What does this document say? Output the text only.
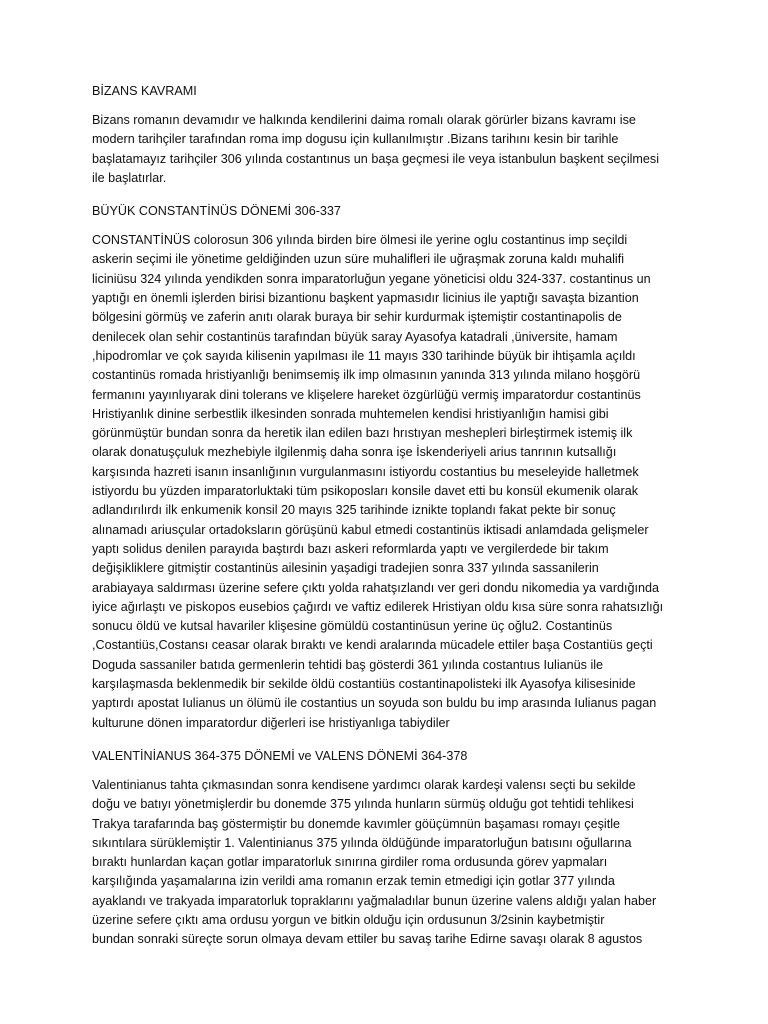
BİZANS KAVRAMI
Bizans romanın devamıdır ve halkında kendilerini daima romalı olarak görürler bizans kavramı ise
modern tarihçiler tarafından roma imp dogusu için kullanılmıştır .Bizans tarihını kesin bir tarihle
başlatamayız tarihçiler 306 yılında costantınus un başa geçmesi ile veya istanbulun başkent seçilmesi
ile başlatırlar.
BÜYÜK CONSTANTİNÜS DÖNEMİ 306-337
CONSTANTİNÜS colorosun 306 yılında birden bire ölmesi ile yerine oglu costantinus imp seçildi
askerin seçimi ile yönetime geldiğinden uzun süre muhalifleri ile uğraşmak zoruna kaldı muhalifi
liciniüsu 324 yılında yendikden sonra imparatorluğun yegane yöneticisi oldu 324-337. costantinus un
yaptığı en önemli işlerden birisi bizantionu başkent yapmasıdır licinius ile yaptığı savaşta bizantion
bölgesini görmüş ve zaferin anıtı olarak buraya bir sehir kurdurmak iştemiştir costantinapolis de
denilecek olan sehir costantinüs tarafından büyük saray Ayasofya katadrali ,üniversite, hamam
,hipodromlar ve çok sayıda kilisenin yapılması ile 11 mayıs 330 tarihinde büyük bir ihtişamla açıldı
costantinüs romada hristiyanlığı benimsemiş ilk imp olmasının yanında 313 yılında milano hoşgörü
fermanını yayınlıyarak dini tolerans ve klişelere hareket özgürlüğü vermiş imparatordur costantinüs
Hristiyanlık dinine serbestlik ilkesinden sonrada muhtemelen kendisi hristiyanlığın hamisi gibi
görünmüştür bundan sonra da heretik ilan edilen bazı hrıstıyan meshepleri birleştirmek istemiş ilk
olarak donatuşçuluk mezhebiyle ilgilenmiş daha sonra işe İskenderiyeli arius tanrının kutsallığı
karşısında hazreti isanın insanlığının vurgulanmasını istiyordu costantius bu meseleyide halletmek
istiyordu bu yüzden imparatorluktaki tüm psikoposları konsile davet etti bu konsül ekumenik olarak
adlandırılırdı ilk enkumenik konsil 20 mayıs 325 tarihinde iznikte toplandı fakat pekte bir sonuç
alınamadı ariusçular ortadoksların görüşünü kabul etmedi costantinüs iktisadi anlamdada gelişmeler
yaptı solidus denilen parayıda baştırdı bazı askeri reformlarda yaptı ve vergilerdede bir takım
değişikliklere gitmiştir costantinüs ailesinin yaşadigi tradejien sonra 337 yılında sassanilerin
arabiayaya saldırması üzerine sefere çıktı yolda rahatşızlandı ver geri dondu nikomedia ya vardığında
iyice ağırlaştı ve piskopos eusebios çağırdı ve vaftiz edilerek Hristiyan oldu kısa süre sonra rahatsızlığı
sonucu öldü ve kutsal havariler klişesine gömüldü costantinüsun yerine üç oğlu2. Costantinüs
,Costantiüs,Costansı ceasar olarak bıraktı ve kendi aralarında mücadele ettiler başa Costantiüs geçti
Doguda sassaniler batıda germenlerin tehtidi baş gösterdi 361 yılında costantıus Iulianüs ile
karşılaşmasda beklenmedik bir sekilde öldü costantiüs costantinapolisteki ilk Ayasofya kilisesinide
yaptırdı apostat Iulianus un ölümü ile costantius un soyuda son buldu bu imp arasında Iulianus pagan
kulturune dönen imparatordur diğerleri ise hristiyanlıga tabiydiler
VALENTİNİANUS 364-375 DÖNEMİ ve VALENS DÖNEMİ 364-378
Valentinianus tahta çıkmasından sonra kendisene yardımcı olarak kardeşi valensı seçti bu sekilde
doğu ve batıyı yönetmişlerdir bu donemde 375 yılında hunların sürmüş olduğu got tehtidi tehlikesi
Trakya tarafarında baş göstermiştir bu donemde kavımler göüçümnün başaması romayı çeşitle
sıkıntılara sürüklemiştir 1. Valentinianus 375 yılında öldüğünde imparatorluğun batısını oğullarına
bıraktı hunlardan kaçan gotlar imparatorluk sınırına girdiler roma ordusunda görev yapmaları
karşılığında yaşamalarına izin verildi ama romanın erzak temin etmedigi için gotlar 377 yılında
ayaklandı ve trakyada imparatorluk topraklarını yağmaladılar bunun üzerine valens aldığı yalan haber
üzerine sefere çıktı ama ordusu yorgun ve bitkin olduğu için ordusunun 3/2sinin kaybetmiştir
bundan sonraki süreçte sorun olmaya devam ettiler bu savaş tarihe Edirne savaşı olarak 8 agustos
